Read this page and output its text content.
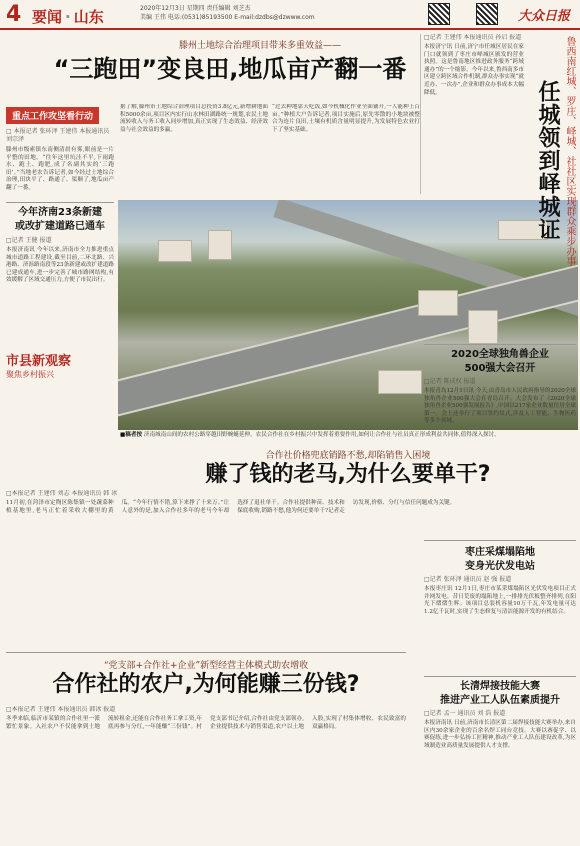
4 要闻 · 山东	2020年12月3日 星期四 责任编辑 刘芝杰
美编 王伟 电话:(0531)85193500 E-mail:dzdbs@dzwww.com	大众日报
滕州土地综合治理项目带来多重效益——
“三跑田”变良田,地瓜亩产翻一番
重点工作攻坚看行动
□ 本报记者 张环泽 王建伟 本报通讯员 刘宗泽
滕州市级索镇东南侧清晨有雾,眼前是一片平整的田地。“往年这里坑洼不平,下雨跑水、跑土、跑肥,成了名副其实的‘三跑田’。”当地老农告诉记者,如今经过土地综合治理,田块平了、路通了、渠顺了,地瓜亩产翻了一番。
据了解,滕州市土地综合治理项目总投资3.8亿元,新增耕地面积5000余亩,项目区内实行山水林田湖路统一规划,农民土地流转收入与务工收入同步增加,真正实现了生态效益、经济效益与社会效益的多赢。
“过去种地靠天吃饭,如今机械化作业全面铺开,一人能种上百亩。”种植大户告诉记者,项目实施后,原先零散的小地块被整合为连片良田,土壤有机质含量明显提升,为发展特色农业打下了坚实基础。
今年济南23条新建
或改扩建道路已通车
□记者 王健 报道
本报济南讯 今年以来,济南市全力推进重点城市道路工程建设,截至目前,二环北路、兴港路、济泺路南段等23条新建或改扩建道路已建成通车,进一步完善了城市路网结构,有效缓解了区域交通压力,方便了市民出行。
■稿者按 济南城南山间的农村公路穿越田野蜿蜒延伸。农民合作社在乡村振兴中发挥着重要作用,如何让合作社与社员真正形成利益共同体,值得深入探讨。
市县新观察
聚焦乡村振兴
合作社价格兜底销路不愁,却陷销售入困境
赚了钱的老马,为什么要单干?
□本报记者 王建伟 刘志 本报通讯员 韩 冰
11月初,在菏泽市定陶区陈集镇一处蔬菜种植基地里,老马正忙着采收大棚里的黄瓜。“今年行情不错,算下来挣了十来万。”让人意外的是,加入合作社多年的老马今年却选择了退社单干。合作社提供种苗、技术和保底收购,销路不愁,他为何还要单干?记者走访发现,价格、分红与信任问题成为关键。
“党支部+合作社+企业”新型经营主体模式助农增收
合作社的农户,为何能赚三份钱?
□本报记者 王建伟 本报通讯员 韩冰 报道
冬季来临,临沂市某镇的合作社里一派繁忙景象。入社农户不仅能拿到土地流转租金,还能在合作社务工拿工资,年底再参与分红,一年能赚“三份钱”。村党支部书记介绍,合作社由党支部领办,企业提供技术与销售渠道,农户以土地入股,实现了村集体增收、农民致富的双赢格局。
□记者 王建伟 本报通讯员 孙启 报道
本报济宁讯 日前,济宁市任城区居民在家门口就领到了枣庄市峄城区颁发的营业执照。这是鲁南地区推进政务服务“跨域通办”的一个缩影。今年以来,鲁西南多市区建立跨区域合作机制,群众办事实现“就近办、一次办”,企业和群众办事成本大幅降低。	鲁西南红城、罗庄、峄城、社社区实现群众乘步办事
任城领到峄城证
2020全球独角兽企业
500强大会召开
□记者 陈成权 报道
本报青岛12月1日讯 今天,由青岛市人民政府指导的2020全球独角兽企业500强大会在青岛召开。大会发布了《2020全球独角兽企业500强发展报告》,中国以217家企业数量位居全球第一。会上还举行了项目签约仪式,涉及人工智能、生物医药等多个领域。
枣庄采煤塌陷地
变身光伏发电站
□记者 张环泽 通讯员 赵 强 报道
本报枣庄讯 12月1日,枣庄市某采煤塌陷区光伏发电项目正式并网发电。昔日荒废的塌陷地上,一排排光伏板整齐排列,在阳光下熠熠生辉。该项目总装机容量10万千瓦,年发电量可达1.2亿千瓦时,实现了生态修复与清洁能源开发的有机结合。
长清焊接技能大赛
推进产业工人队伍素质提升
□记者 孟一 通讯员 刘 浩 报道
本报济南讯 日前,济南市长清区第二届焊接技能大赛举办,来自区内30余家企业的百余名焊工同台竞技。大赛以赛促学、以赛促练,进一步弘扬工匠精神,推动产业工人队伍建设改革,为区域制造业高质量发展提供人才支撑。
